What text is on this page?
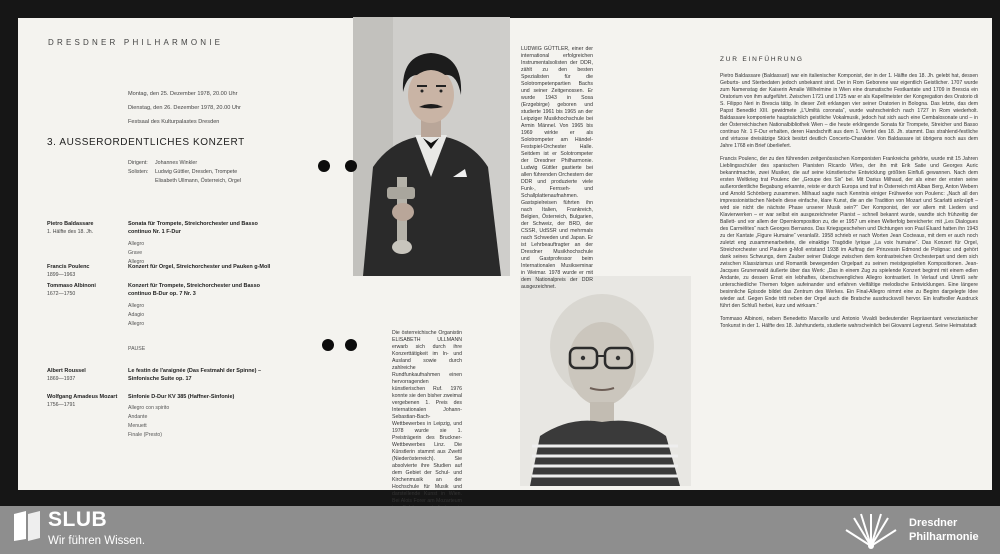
DRESDNER PHILHARMONIE
Montag, den 25. Dezember 1978, 20.00 Uhr
Dienstag, den 26. Dezember 1978, 20.00 Uhr
Festsaal des Kulturpalastes Dresden
3. AUSSERORDENTLICHES KONZERT
Dirigent:	Johannes Winkler
Solisten:	Ludwig Güttler, Dresden, Trompete
Elisabeth Ullmann, Österreich, Orgel
Pietro Baldassare
1. Hälfte des 18. Jh.
Sonata für Trompete, Streichorchester und Basso
continuo Nr. 1 F-Dur
Allegro
Grave
Allegro
Francis Poulenc
1899—1963
Konzert für Orgel, Streichorchester und Pauken g-Moll
Tommaso Albinoni
1672—1750
Konzert für Trompete, Streichorchester und Basso
continuo B-Dur op. 7 Nr. 3
Allegro
Adagio
Allegro
PAUSE
Albert Roussel
1869—1937
Le festin de l'araignée (Das Festmahl der Spinne) –
Sinfonische Suite op. 17
Wolfgang Amadeus Mozart
1756—1791
Sinfonie D-Dur KV 385 (Haffner-Sinfonie)
Allegro con spirito
Andante
Menuett
Finale (Presto)
LUDWIG GÜTTLER, einer der international erfolgreichen Instrumentalsolisten der DDR, zählt zu den besten Spezialisten für die Solotrompetenpartien Bachs und seiner Zeitgenossen. Er wurde 1943 in Sosa (Erzgebirge) geboren und studierte 1961 bis 1965 an der Leipziger Musikhochschule bei Armin Männel. Von 1965 bis 1969 wirkte er als Solotrompeter am Händel-Festspiel-Orchester Halle. Seitdem ist er Solotrompeter der Dresdner Philharmonie. Ludwig Güttler gastierte bei allen führenden Orchestern der DDR und produzierte viele Funk-, Fernseh- und Schallplattenaufnahmen. Gastspielreisen führten ihn nach Italien, Frankreich, Belgien, Österreich, Bulgarien, der Schweiz, der BRD, der CSSR, UdSSR und mehrmals nach Schweden und Japan. Er ist Lehrbeauftragter an der Dresdner Musikhochschule und Gastprofessor beim Internationalen Musikseminar in Weimar. 1978 wurde er mit dem Nationalpreis der DDR ausgezeichnet.
Die österreichische Organistin ELISABETH ULLMANN erwarb sich durch ihre Konzerttätigkeit im In- und Ausland sowie durch zahlreiche Rundfunkaufnahmen einen hervorragenden künstlerischen Ruf. 1976 konnte sie den bisher zweimal vergebenen 1. Preis des Internationalen Johann-Sebastian-Bach-Wettbewerbes in Leipzig, und 1978 wurde sie 1. Preisträgerin des Bruckner-Wettbewerbes Linz. Die Künstlerin stammt aus Zwettl (Niederösterreich). Sie absolvierte ihre Studien auf dem Gebiet der Schul- und Kirchenmusik an der Hochschule für Musik und darstellende Kunst in Wien. Bei Alois Forer am Mozarteum
ZUR EINFÜHRUNG

Pietro Baldassare (Baldassari) war ein italienischer Komponist, der in der 1. Hälfte des 18. Jh. gelebt hat, dessen Geburts- und Sterbedaten jedoch unbekannt sind. Der in Rom Geborene war eigentlich Geistlicher. 1707 wurde zum Namenstag der Kaiserin Amalie Wilhelmine in Wien eine dramatische Festkantate und 1709 in Brescia ein Oratorium von ihm aufgeführt. Zwischen 1721 und 1725 war er als Kapellmeister der Kongregation des Oratorio di S. Filippo Neri in Brescia tätig. In dieser Zeit erklangen vier seiner Oratorien in Bologna. Das letzte, das dem Papst Benedikt XIII. gewidmete „L'Umiltà coronata“, wurde wahrscheinlich nach 1727 in Rom wiederholt. Baldassare komponierte hauptsächlich geistliche Vokalmusik, jedoch hat sich auch eine Cembalosonate und – in der Österreichischen Nationalbibliothek Wien – die heute erklingende Sonata für Trompete, Streicher und Basso continuo Nr. 1 F-Dur erhalten, deren Handschrift aus dem 1. Viertel des 18. Jh. stammt. Das strahlend-festliche und virtuose dreisätzige Stück besitzt deutlich Concerto-Charakter. Von Baldassare ist übrigens noch aus dem Jahre 1768 ein Brief überliefert.

Francis Poulenc, der zu den führenden zeitgenössischen Komponisten Frankreichs gehörte, wurde mit 15 Jahren Lieblingsschüler des spanischen Pianisten Ricardo Viñes, der ihn mit Erik Satie und Georges Auric bekanntmachte, zwei Musiker, die auf seine künstlerische Entwicklung größten Einfluß gewannen. Nach dem ersten Weltkrieg trat Poulenc der „Groupe des Six“ bei. Mit Darius Milhaud, der als einer der ersten seine außerordentliche Begabung erkannte, reiste er durch Europa und traf in Österreich mit Alban Berg, Anton Webern und Arnold Schönberg zusammen. Milhaud sagte nach Kenntnis einiger Frühwerke von Poulenc: „Nach all den impressionistischen Nebeln diese einfache, klare Kunst, die an die Tradition von Mozart und Scarlatti anknüpft – wird sie nicht die nächste Phase unserer Musik sein?“ Der Komponist, der vor allem mit Liedern und Klavierwerken – er war selbst ein ausgezeichneter Pianist – schnell bekannt wurde, wandte sich frühzeitig der Ballett- und vor allem der Opernkomposition zu, die er 1957 um einen Welterfolg bereicherte: mit „Les Dialogues des Carmélites“ nach Georges Bernanos. Das Kriegsgeschehen und Dichtungen von Paul Éluard hatten ihn 1943 zu der Kantate „Figure Humaine“ veranlaßt. 1958 schrieb er nach Worten Jean Cocteaus, mit dem er auch noch zuletzt eng zusammenarbeitete, die einaktige Tragödie lyrique „La voix humaine“. Das Konzert für Orgel, Streichorchester und Pauken g-Moll entstand 1938 im Auftrag der Prinzessin Edmond de Polignac und gehört dank seines Schwungs, dem Zauber seiner Dialoge zwischen dem kontrastreichen Orchesterpart und dem sich zwischen Klassizismus und Romantik bewegenden Orgelpart zu seinen meistgespielten Kompositionen. Jean-Jacques Grunenwald äußerte über das Werk: „Das in einem Zug zu spielende Konzert beginnt mit einem edlen Andante, zu dessen Ernst ein lebhaftes, überschwengliches Allegro kontrastiert. In Verlauf und Umriß sehr unterschiedliche Themen folgen aufeinander und erfahren vielfältige melodische Entwicklungen. Eine längere besinnliche Episode bildet das Zentrum des Werkes. Ein Final-Allegro nimmt eine zu Beginn dargelegte Idee wieder auf. Gegen Ende tritt neben der Orgel auch die Bratsche ausdrucksvoll hervor. Ein kraftvoller Ausdruck führt den Schluß herbei, kurz und wirksam.“

Tommaso Albinoni, neben Benedetto Marcello und Antonio Vivaldi bedeutender Repräsentant venezianischer Tonkunst in der 1. Hälfte des 18. Jahrhunderts, studierte wahrscheinlich bei Giovanni Legrenzi. Seine Heimatstadt

SLUB
Wir führen Wissen.
Dresdner
Philharmonie
